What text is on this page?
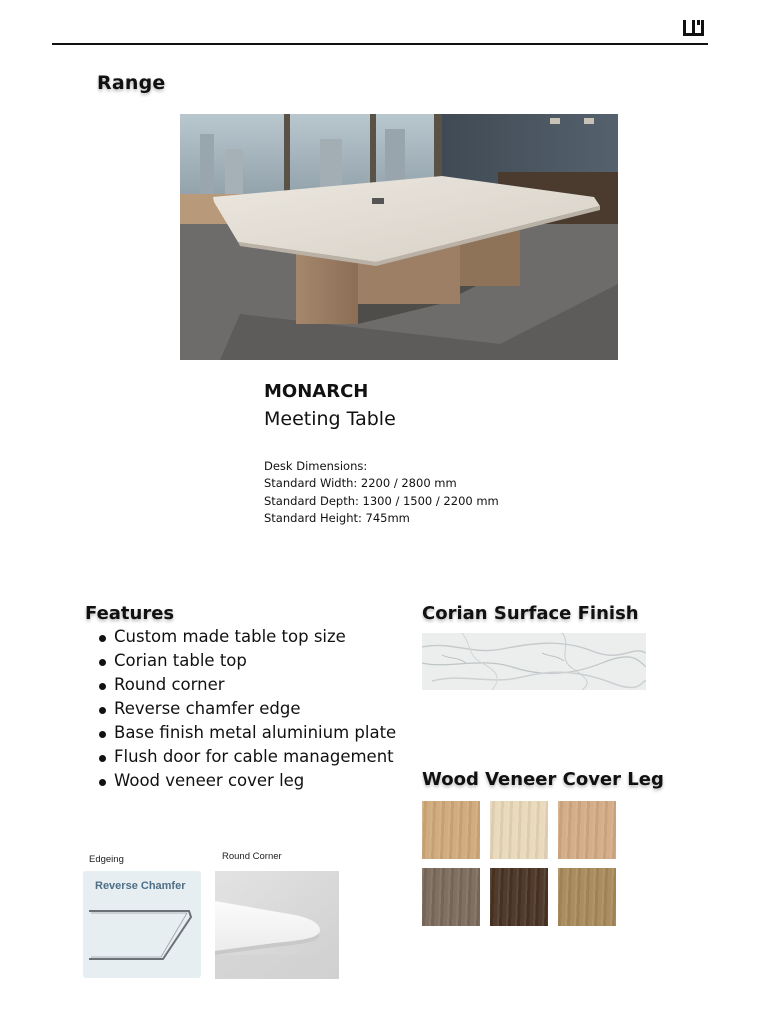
Range
MONARCH
Meeting Table
Desk Dimensions:
Standard Width: 2200 / 2800 mm
Standard Depth: 1300 / 1500 / 2200 mm
Standard Height: 745mm
Features
Custom made table top size
Corian table top
Round corner
Reverse chamfer edge
Base finish metal aluminium plate
Flush door for cable management
Wood veneer cover leg
Corian Surface Finish
Wood Veneer Cover Leg
Edgeing
Reverse Chamfer
Round Corner
